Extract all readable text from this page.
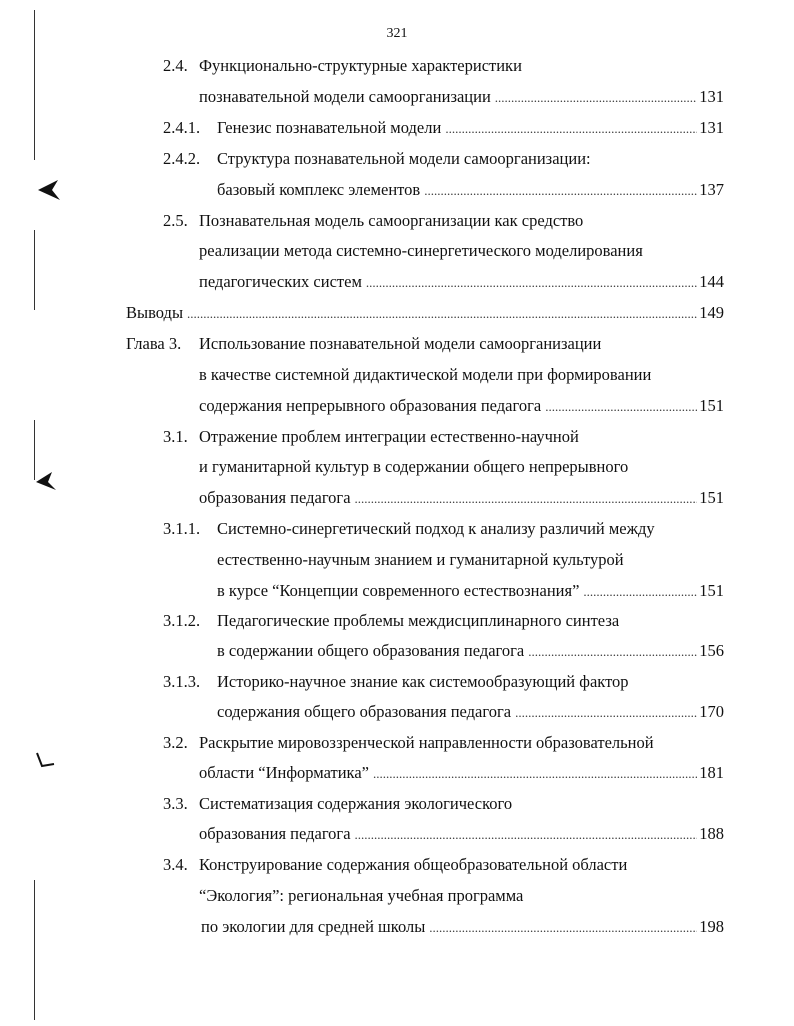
321
2.4. Функционально-структурные характеристики
познавательной модели самоорганизации .....	131
2.4.1.	Генезис познавательной модели .....	131
2.4.2.	Структура познавательной модели самоорганизации:
базовый комплекс элементов .....	137
2.5. Познавательная модель самоорганизации как средство
реализации метода системно-синергетического моделирования
педагогических систем .....	144
Выводы .....	149
Глава 3.	Использование познавательной модели самоорганизации
в качестве системной дидактической модели при формировании
содержания непрерывного образования педагога .....	151
3.1. Отражение проблем интеграции естественно-научной
и гуманитарной культур в содержании общего непрерывного
образования педагога .....	151
3.1.1.	Системно-синергетический подход к анализу различий между
естественно-научным знанием и гуманитарной культурой
в курсе “Концепции современного естествознания” .....	151
3.1.2.	Педагогические проблемы междисциплинарного синтеза
в содержании общего образования педагога .....	156
3.1.3.	Историко-научное знание как системообразующий фактор
содержания общего образования педагога .....	170
3.2. Раскрытие мировоззренческой направленности образовательной
области “Информатика” .....	181
3.3. Систематизация содержания экологического
образования педагога .....	188
3.4. Конструирование содержания общеобразовательной области
“Экология”: региональная учебная программа
по экологии для средней школы .....	198
